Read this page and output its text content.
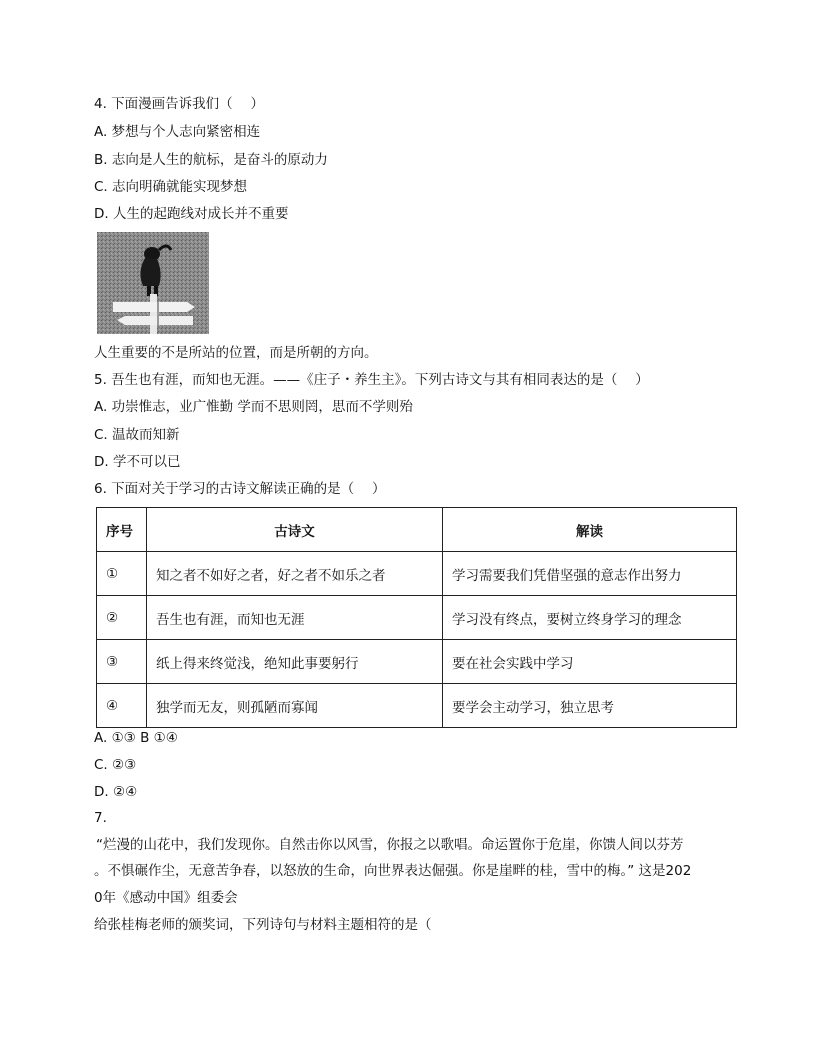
4. 下面漫画告诉我们（　 ）
A. 梦想与个人志向紧密相连
B. 志向是人生的航标，是奋斗的原动力
C. 志向明确就能实现梦想
D. 人生的起跑线对成长并不重要
人生重要的不是所站的位置，而是所朝的方向。
5. 吾生也有涯，而知也无涯。——《庄子・养生主》。下列古诗文与其有相同表达的是（　 ）
A. 功崇惟志，业广惟勤 学而不思则罔，思而不学则殆
C. 温故而知新
D. 学不可以已
6. 下面对关于学习的古诗文解读正确的是（　 ）
序号	古诗文	解读
①	知之者不如好之者，好之者不如乐之者	学习需要我们凭借坚强的意志作出努力
②	吾生也有涯，而知也无涯	学习没有终点，要树立终身学习的理念
③	纸上得来终觉浅，绝知此事要躬行	要在社会实践中学习
④	独学而无友，则孤陋而寡闻	要学会主动学习，独立思考
A. ①③ B ①④
C. ②③
D. ②④
7.
“烂漫的山花中，我们发现你。自然击你以风雪，你报之以歌唱。命运置你于危崖，你馈人间以芬芳
。不惧碾作尘，无意苦争春，以怒放的生命，向世界表达倔强。你是崖畔的桂，雪中的梅。” 这是202
0年《感动中国》组委会
给张桂梅老师的颁奖词，下列诗句与材料主题相符的是（
